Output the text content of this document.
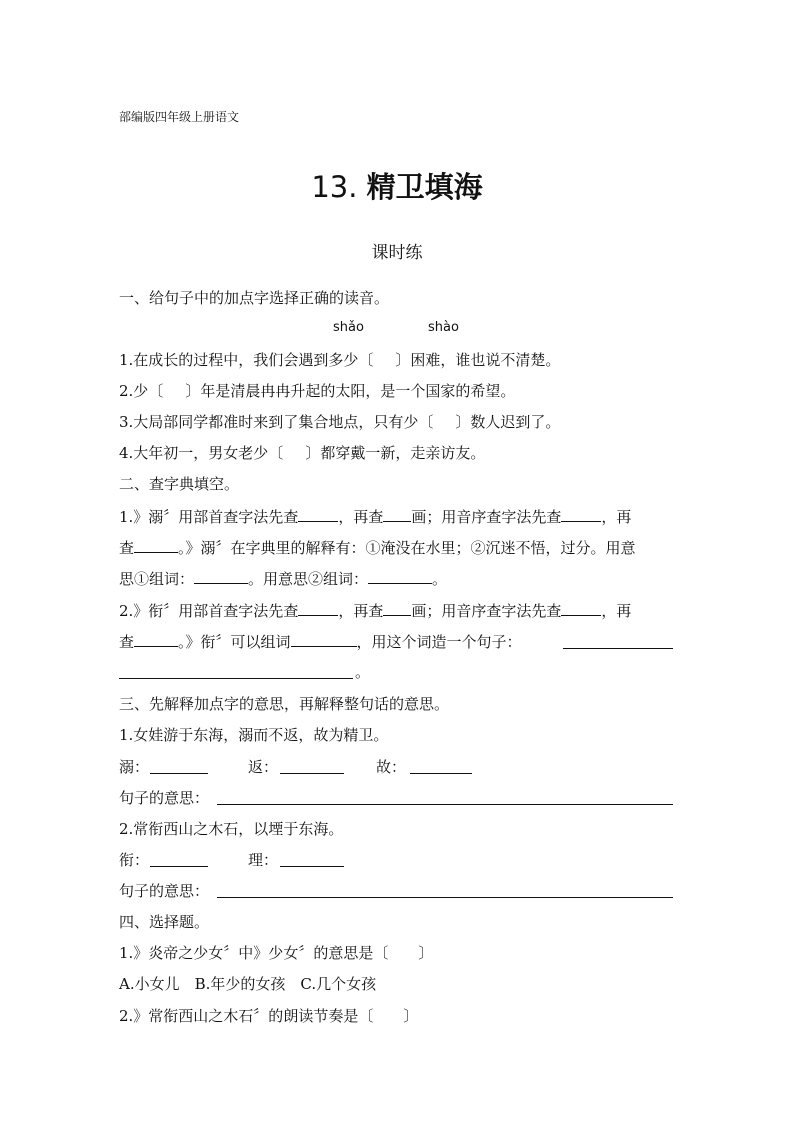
部编版四年级上册语文
13. 精卫填海
课时练
一、给句子中的加点字选择正确的读音。
shǎo	shào
1.在成长的过程中，我们会遇到多少〔 〕困难，谁也说不清楚。
2.少〔 〕年是清晨冉冉升起的太阳，是一个国家的希望。
3.大局部同学都准时来到了集合地点，只有少〔 〕数人迟到了。
4.大年初一，男女老少〔 〕都穿戴一新，走亲访友。
二、查字典填空。
1.》溺〞用部首查字法先查	，再查 画；用音序查字法先查	，再
查	。》溺〞在字典里的解释有：①淹没在水里；②沉迷不悟，过分。用意
思①组词：	。用意思②组词：	。
2.》衔〞用部首查字法先查	，再查 画；用音序查字法先查	，再
查	。》衔〞可以组词	，用这个词造一个句子：
。
三、先解释加点字的意思，再解释整句话的意思。
1.女娃游于东海，溺而不返，故为精卫。
溺：	返：	故：
句子的意思：
2.常衔西山之木石，以堙于东海。
衔：	理：
句子的意思：
四、选择题。
1.》炎帝之少女〞中》少女〞的意思是〔　　〕
A.小女儿　B.年少的女孩　C.几个女孩
2.》常衔西山之木石〞的朗读节奏是〔　　〕
